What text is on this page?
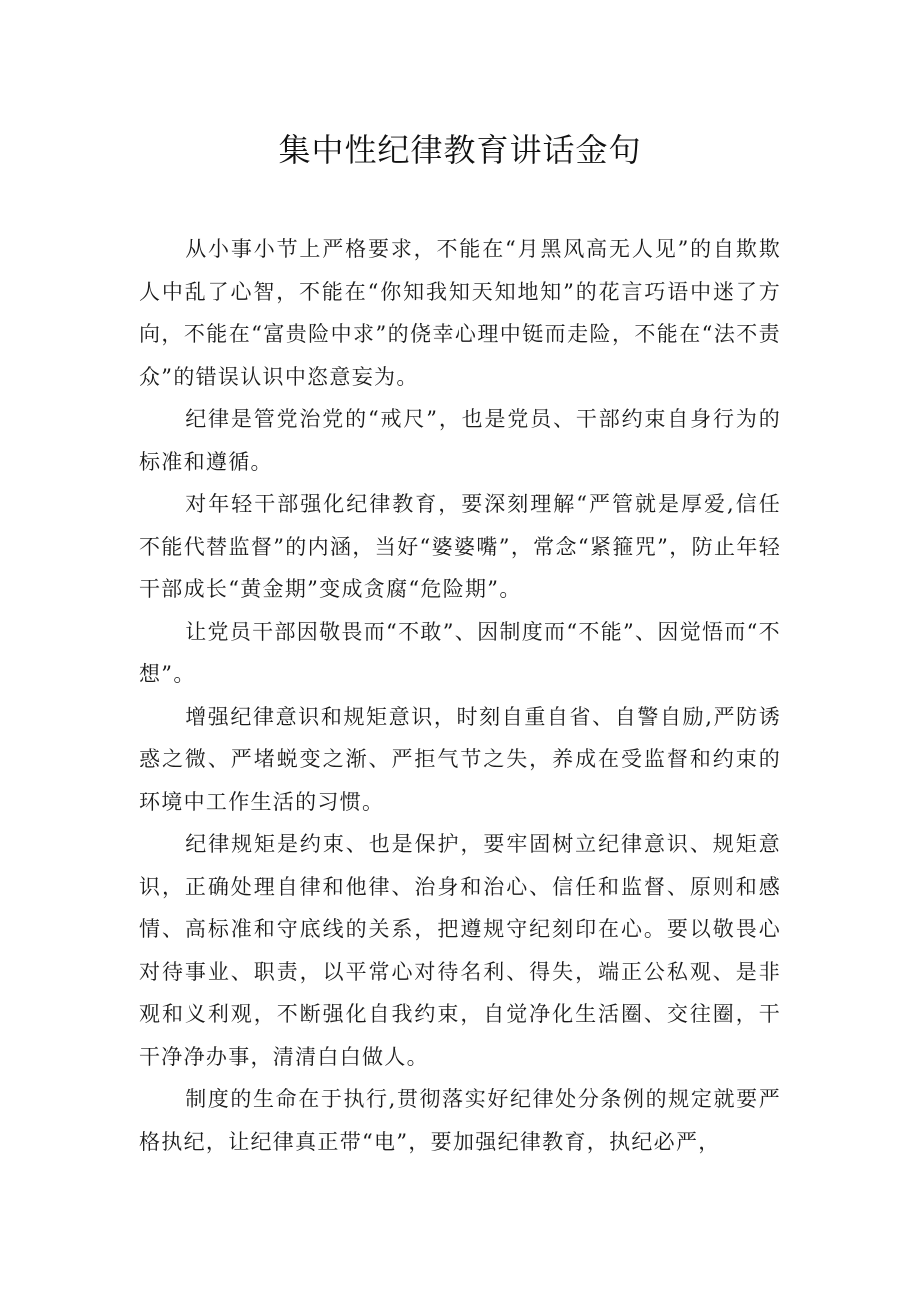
集中性纪律教育讲话金句

从小事小节上严格要求，不能在“月黑风高无人见”的自欺欺人中乱了心智，不能在“你知我知天知地知”的花言巧语中迷了方向，不能在“富贵险中求”的侥幸心理中铤而走险，不能在“法不责众”的错误认识中恣意妄为。

纪律是管党治党的“戒尺”，也是党员、干部约束自身行为的标准和遵循。

对年轻干部强化纪律教育，要深刻理解“严管就是厚爱,信任不能代替监督”的内涵，当好“婆婆嘴”，常念“紧箍咒”，防止年轻干部成长“黄金期”变成贪腐“危险期”。

让党员干部因敬畏而“不敢”、因制度而“不能”、因觉悟而“不想”。

增强纪律意识和规矩意识，时刻自重自省、自警自励,严防诱惑之微、严堵蜕变之渐、严拒气节之失，养成在受监督和约束的环境中工作生活的习惯。

纪律规矩是约束、也是保护，要牢固树立纪律意识、规矩意识，正确处理自律和他律、治身和治心、信任和监督、原则和感情、高标准和守底线的关系，把遵规守纪刻印在心。要以敬畏心对待事业、职责，以平常心对待名利、得失，端正公私观、是非观和义利观，不断强化自我约束，自觉净化生活圈、交往圈，干干净净办事，清清白白做人。

制度的生命在于执行,贯彻落实好纪律处分条例的规定就要严格执纪，让纪律真正带“电”，要加强纪律教育，执纪必严，
